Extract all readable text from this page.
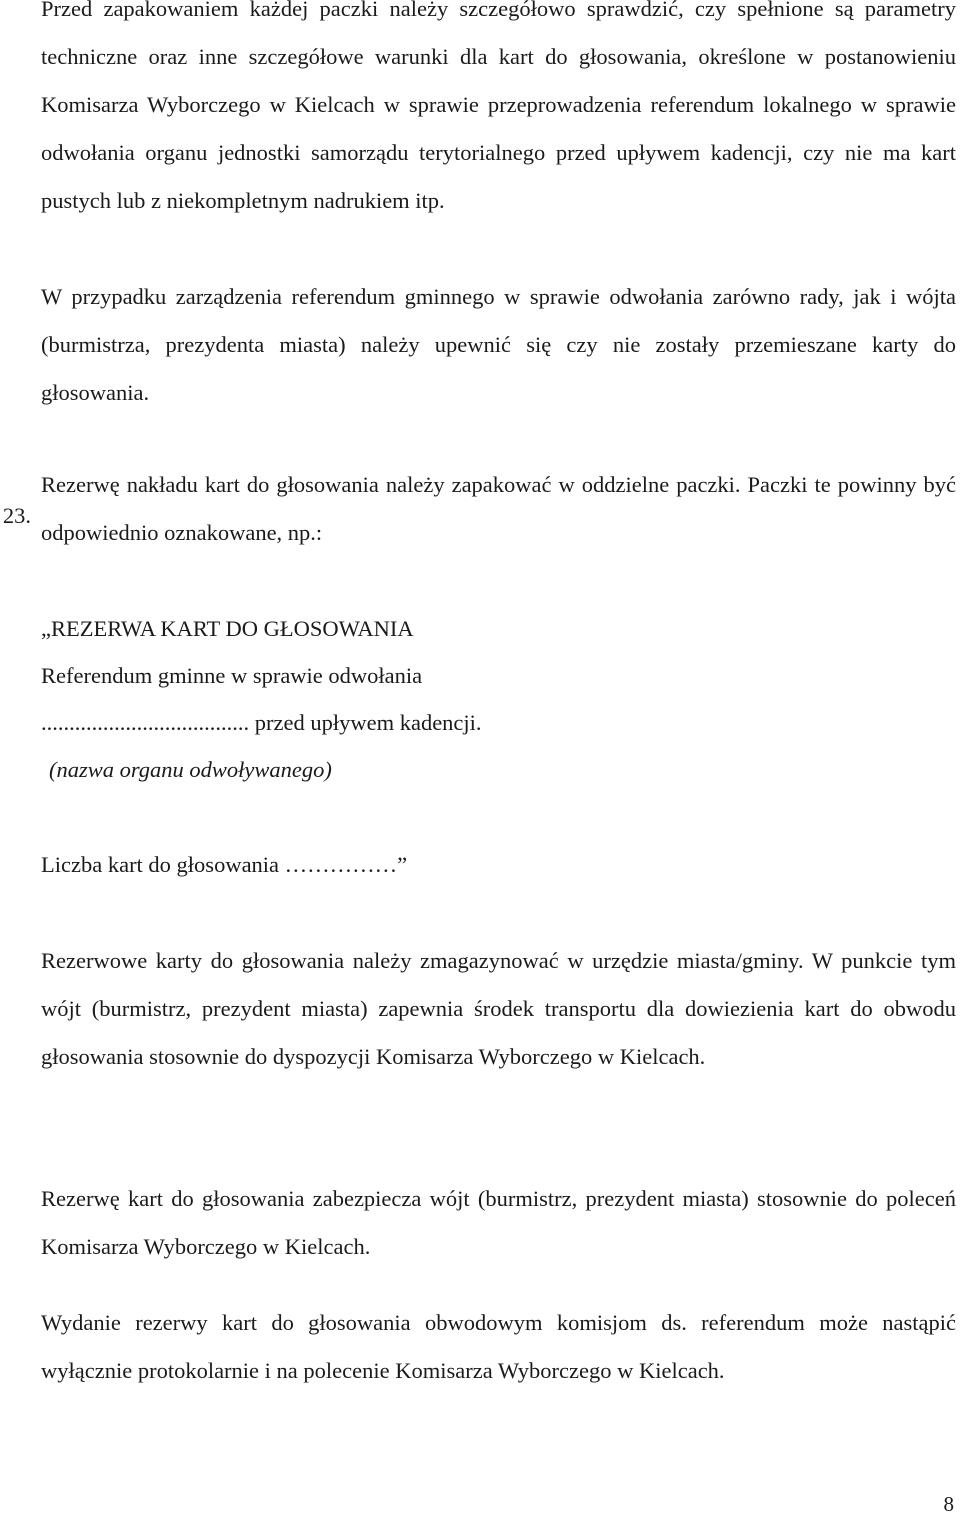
Przed zapakowaniem każdej paczki należy szczegółowo sprawdzić, czy spełnione są parametry techniczne oraz inne szczegółowe warunki dla kart do głosowania, określone w postanowieniu Komisarza Wyborczego w Kielcach w sprawie przeprowadzenia referendum lokalnego w sprawie odwołania organu jednostki samorządu terytorialnego przed upływem kadencji, czy nie ma kart pustych lub z niekompletnym nadrukiem itp.

W przypadku zarządzenia referendum gminnego w sprawie odwołania zarówno rady, jak i wójta (burmistrza, prezydenta miasta) należy upewnić się czy nie zostały przemieszane karty do głosowania.

23.
Rezerwę nakładu kart do głosowania należy zapakować w oddzielne paczki. Paczki te powinny być odpowiednio oznakowane, np.:

„REZERWA KART DO GŁOSOWANIA

Referendum gminne w sprawie odwołania

..................................... przed upływem kadencji.

(nazwa organu odwoływanego)

Liczba kart do głosowania ……………”

Rezerwowe karty do głosowania należy zmagazynować w urzędzie miasta/gminy. W punkcie tym wójt (burmistrz, prezydent miasta) zapewnia środek transportu dla dowiezienia kart do obwodu głosowania stosownie do dyspozycji Komisarza Wyborczego w Kielcach.

Rezerwę kart do głosowania zabezpiecza wójt (burmistrz, prezydent miasta) stosownie do poleceń Komisarza Wyborczego w Kielcach.

Wydanie rezerwy kart do głosowania obwodowym komisjom ds. referendum może nastąpić wyłącznie protokolarnie i na polecenie Komisarza Wyborczego w Kielcach.

8
